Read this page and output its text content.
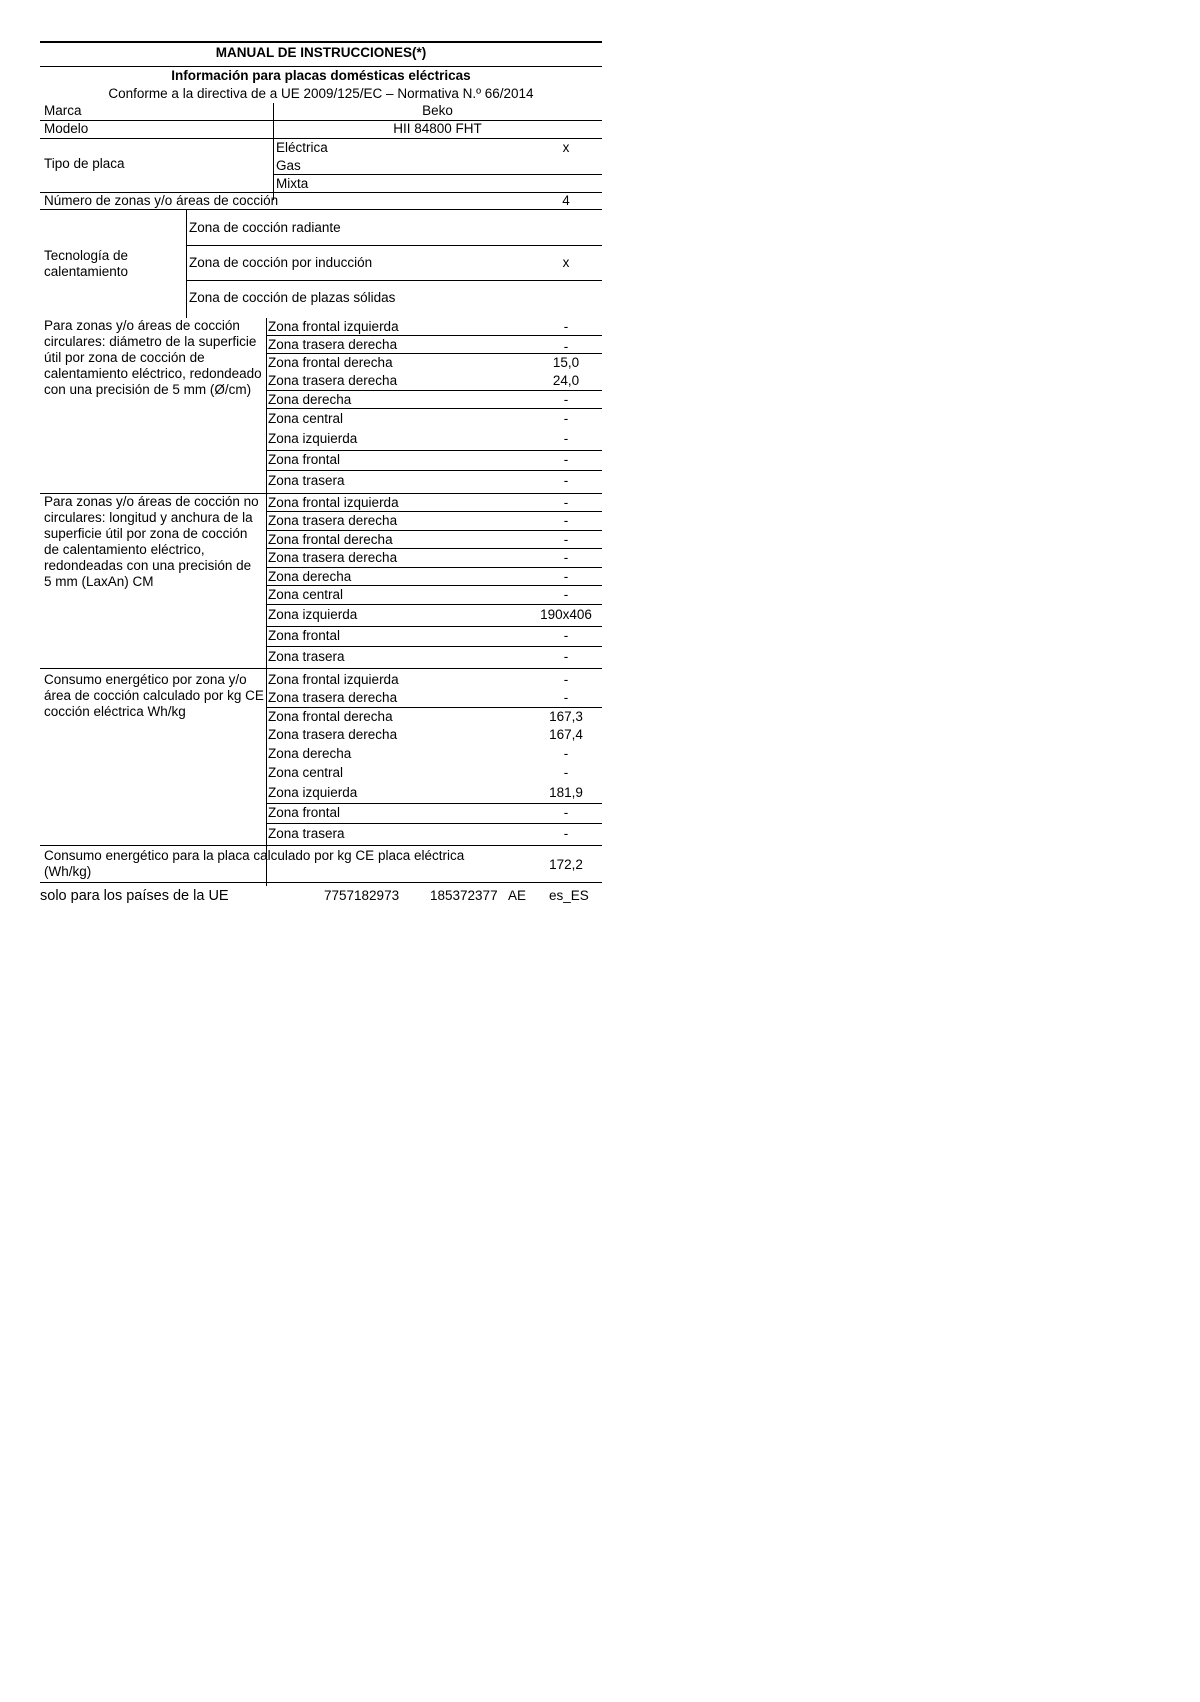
MANUAL DE INSTRUCCIONES(*)
Información para placas domésticas eléctricas
Conforme a la directiva de a UE 2009/125/EC – Normativa N.º 66/2014
Marca	Beko
Modelo	HII 84800 FHT
Tipo de placa
Eléctrica	x
Gas
Mixta
Número de zonas y/o áreas de cocción	4
Tecnología de calentamiento
Zona de cocción radiante
Zona de cocción por inducción	x
Zona de cocción de plazas sólidas
Para zonas y/o áreas de cocción circulares: diámetro de la superficie útil por zona de cocción de calentamiento eléctrico, redondeado con una precisión de 5 mm (Ø/cm)
Zona frontal izquierda	-
Zona trasera derecha	-
Zona frontal derecha	15,0
Zona trasera derecha	24,0
Zona derecha	-
Zona central	-
Zona izquierda	-
Zona frontal	-
Zona trasera	-
Para zonas y/o áreas de cocción no circulares: longitud y anchura de la superficie útil por zona de cocción de calentamiento eléctrico, redondeadas con una precisión de 5 mm (LaxAn) CM
Zona frontal izquierda	-
Zona trasera derecha	-
Zona frontal derecha	-
Zona trasera derecha	-
Zona derecha	-
Zona central	-
Zona izquierda	190x406
Zona frontal	-
Zona trasera	-
Consumo energético por zona y/o área de cocción calculado por kg CE cocción eléctrica Wh/kg
Zona frontal izquierda	-
Zona trasera derecha	-
Zona frontal derecha	167,3
Zona trasera derecha	167,4
Zona derecha	-
Zona central	-
Zona izquierda	181,9
Zona frontal	-
Zona trasera	-
Consumo energético para la placa calculado por kg CE placa eléctrica (Wh/kg)	172,2
solo para los países de la UE	7757182973 185372377 AE es_ES
